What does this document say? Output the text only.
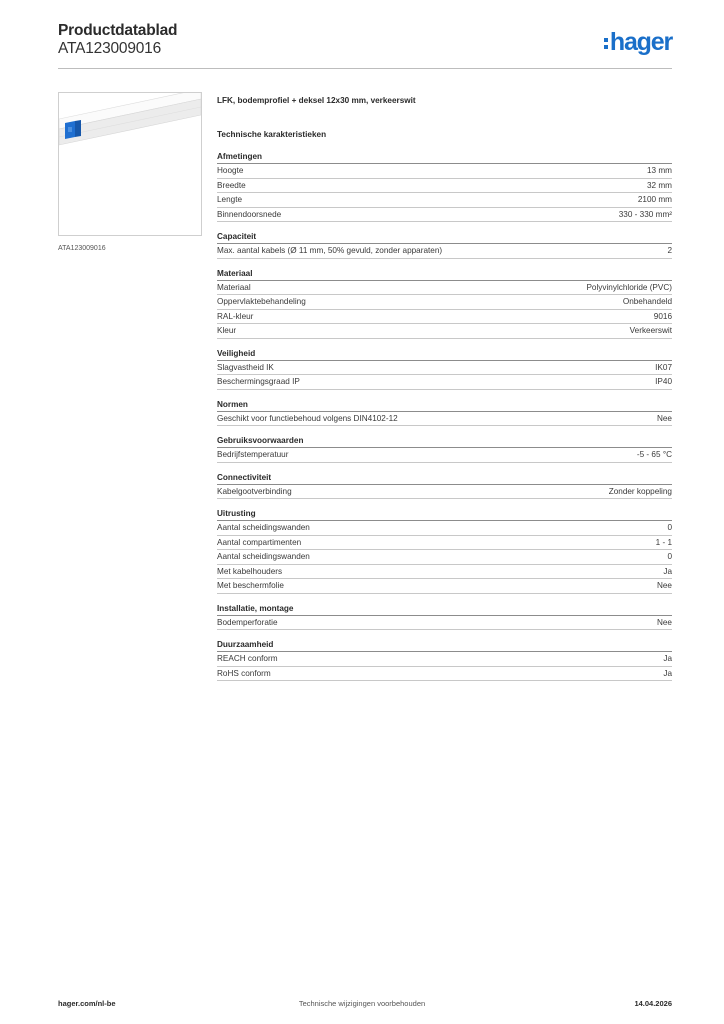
Productdatablad
ATA123009016	hager
ATA123009016
LFK, bodemprofiel + deksel 12x30 mm, verkeerswit
Technische karakteristieken
Afmetingen
Hoogte	13 mm
Breedte	32 mm
Lengte	2100 mm
Binnendoorsnede	330 - 330 mm²
Capaciteit
Max. aantal kabels (Ø 11 mm, 50% gevuld, zonder apparaten)	2
Materiaal
Materiaal	Polyvinylchloride (PVC)
Oppervlaktebehandeling	Onbehandeld
RAL-kleur	9016
Kleur	Verkeerswit
Veiligheid
Slagvastheid IK	IK07
Beschermingsgraad IP	IP40
Normen
Geschikt voor functiebehoud volgens DIN4102-12	Nee
Gebruiksvoorwaarden
Bedrijfstemperatuur	-5 - 65 °C
Connectiviteit
Kabelgootverbinding	Zonder koppeling
Uitrusting
Aantal scheidingswanden	0
Aantal compartimenten	1 - 1
Aantal scheidingswanden	0
Met kabelhouders	Ja
Met beschermfolie	Nee
Installatie, montage
Bodemperforatie	Nee
Duurzaamheid
REACH conform	Ja
RoHS conform	Ja
hager.com/nl-be	Technische wijzigingen voorbehouden	14.04.2026
